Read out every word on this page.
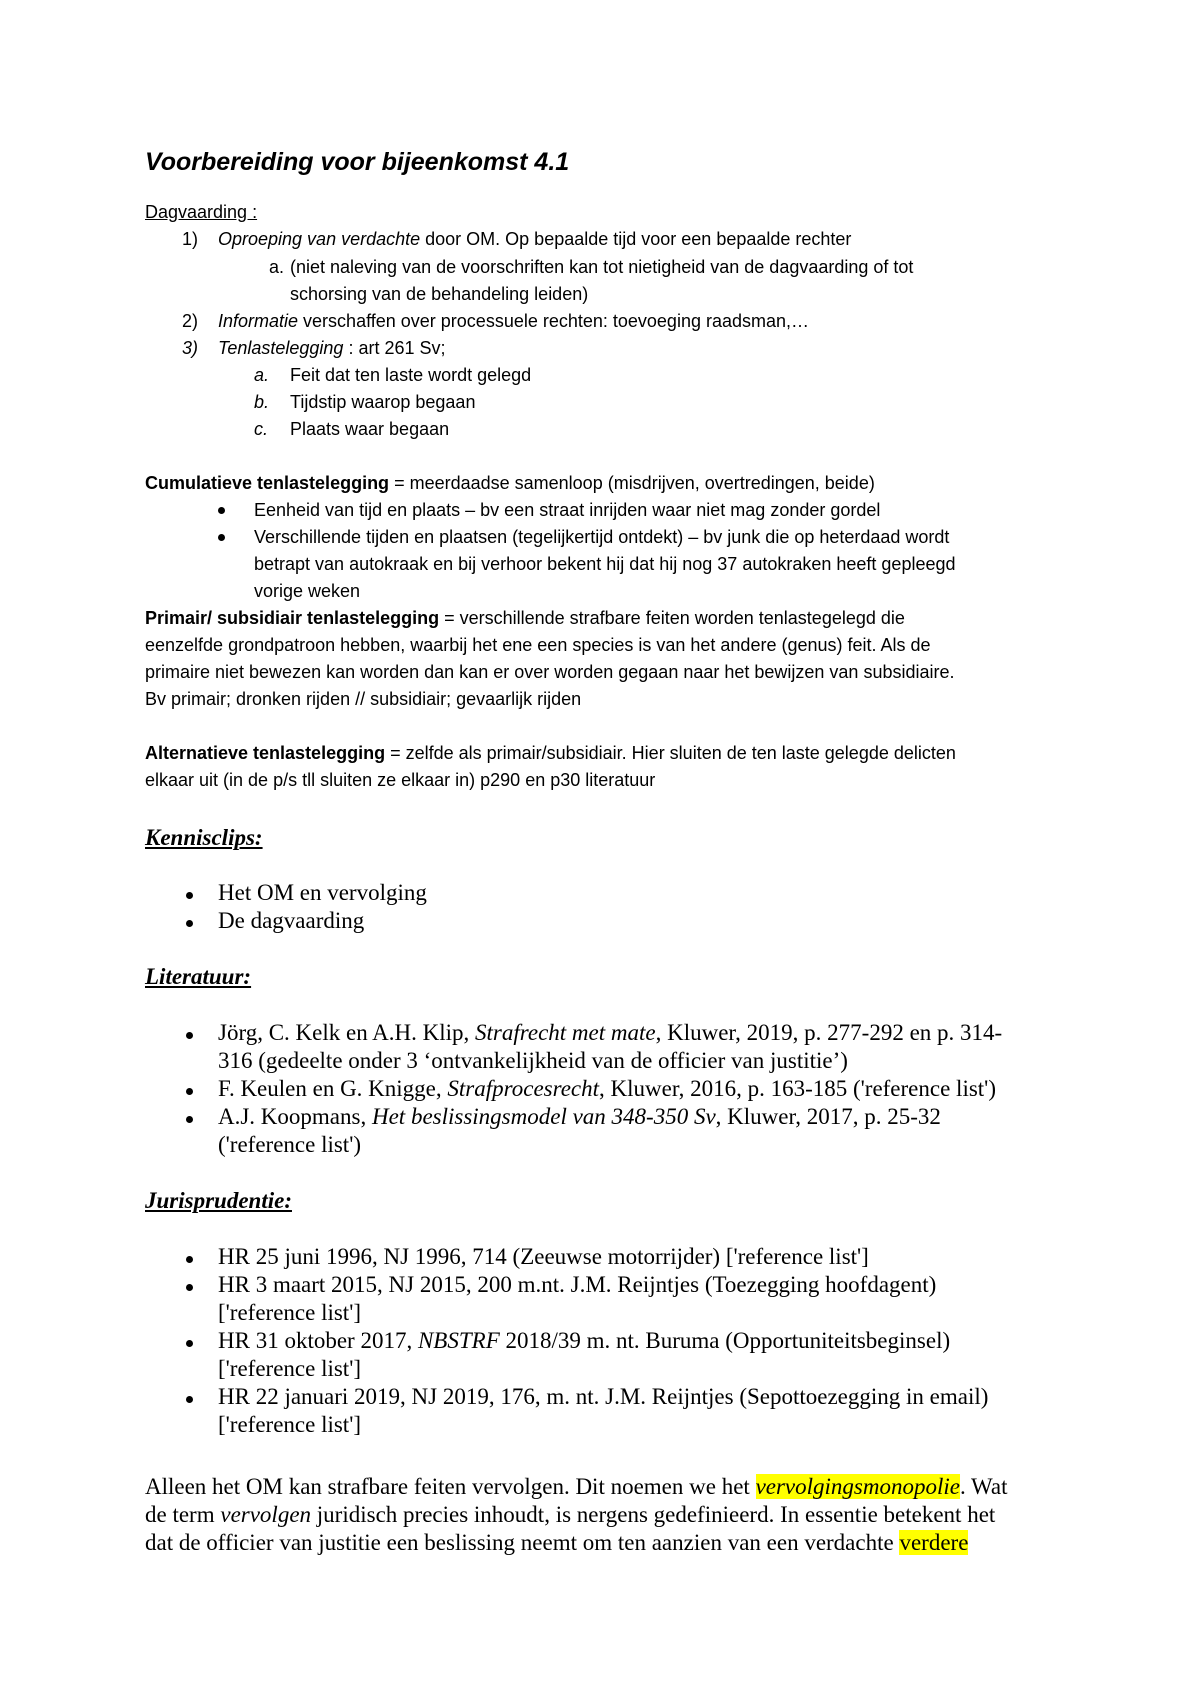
Voorbereiding voor bijeenkomst 4.1
Dagvaarding :
1) Oproeping van verdachte door OM. Op bepaalde tijd voor een bepaalde rechter
a. (niet naleving van de voorschriften kan tot nietigheid van de dagvaarding of tot
schorsing van de behandeling leiden)
2) Informatie verschaffen over processuele rechten: toevoeging raadsman,…
3) Tenlastelegging : art 261 Sv;
a. Feit dat ten laste wordt gelegd
b. Tijdstip waarop begaan
c. Plaats waar begaan
Cumulatieve tenlastelegging = meerdaadse samenloop (misdrijven, overtredingen, beide)
Eenheid van tijd en plaats – bv een straat inrijden waar niet mag zonder gordel
Verschillende tijden en plaatsen (tegelijkertijd ontdekt) – bv junk die op heterdaad wordt
betrapt van autokraak en bij verhoor bekent hij dat hij nog 37 autokraken heeft gepleegd
vorige weken
Primair/ subsidiair tenlastelegging = verschillende strafbare feiten worden tenlastegelegd die
eenzelfde grondpatroon hebben, waarbij het ene een species is van het andere (genus) feit. Als de
primaire niet bewezen kan worden dan kan er over worden gegaan naar het bewijzen van subsidiaire.
Bv primair; dronken rijden // subsidiair; gevaarlijk rijden
Alternatieve tenlastelegging = zelfde als primair/subsidiair. Hier sluiten de ten laste gelegde delicten
elkaar uit (in de p/s tll sluiten ze elkaar in) p290 en p30 literatuur
Kennisclips:
Het OM en vervolging
De dagvaarding
Literatuur:
Jörg, C. Kelk en A.H. Klip, Strafrecht met mate, Kluwer, 2019, p. 277-292 en p. 314-
316 (gedeelte onder 3 ‘ontvankelijkheid van de officier van justitie’)
F. Keulen en G. Knigge, Strafprocesrecht, Kluwer, 2016, p. 163-185 ('reference list')
A.J. Koopmans, Het beslissingsmodel van 348-350 Sv, Kluwer, 2017, p. 25-32
('reference list')
Jurisprudentie:
HR 25 juni 1996, NJ 1996, 714 (Zeeuwse motorrijder) ['reference list']
HR 3 maart 2015, NJ 2015, 200 m.nt. J.M. Reijntjes (Toezegging hoofdagent)
['reference list']
HR 31 oktober 2017, NBSTRF 2018/39 m. nt. Buruma (Opportuniteitsbeginsel)
['reference list']
HR 22 januari 2019, NJ 2019, 176, m. nt. J.M. Reijntjes (Sepottoezegging in email)
['reference list']
Alleen het OM kan strafbare feiten vervolgen. Dit noemen we het vervolgingsmonopolie. Wat
de term vervolgen juridisch precies inhoudt, is nergens gedefinieerd. In essentie betekent het
dat de officier van justitie een beslissing neemt om ten aanzien van een verdachte verdere
